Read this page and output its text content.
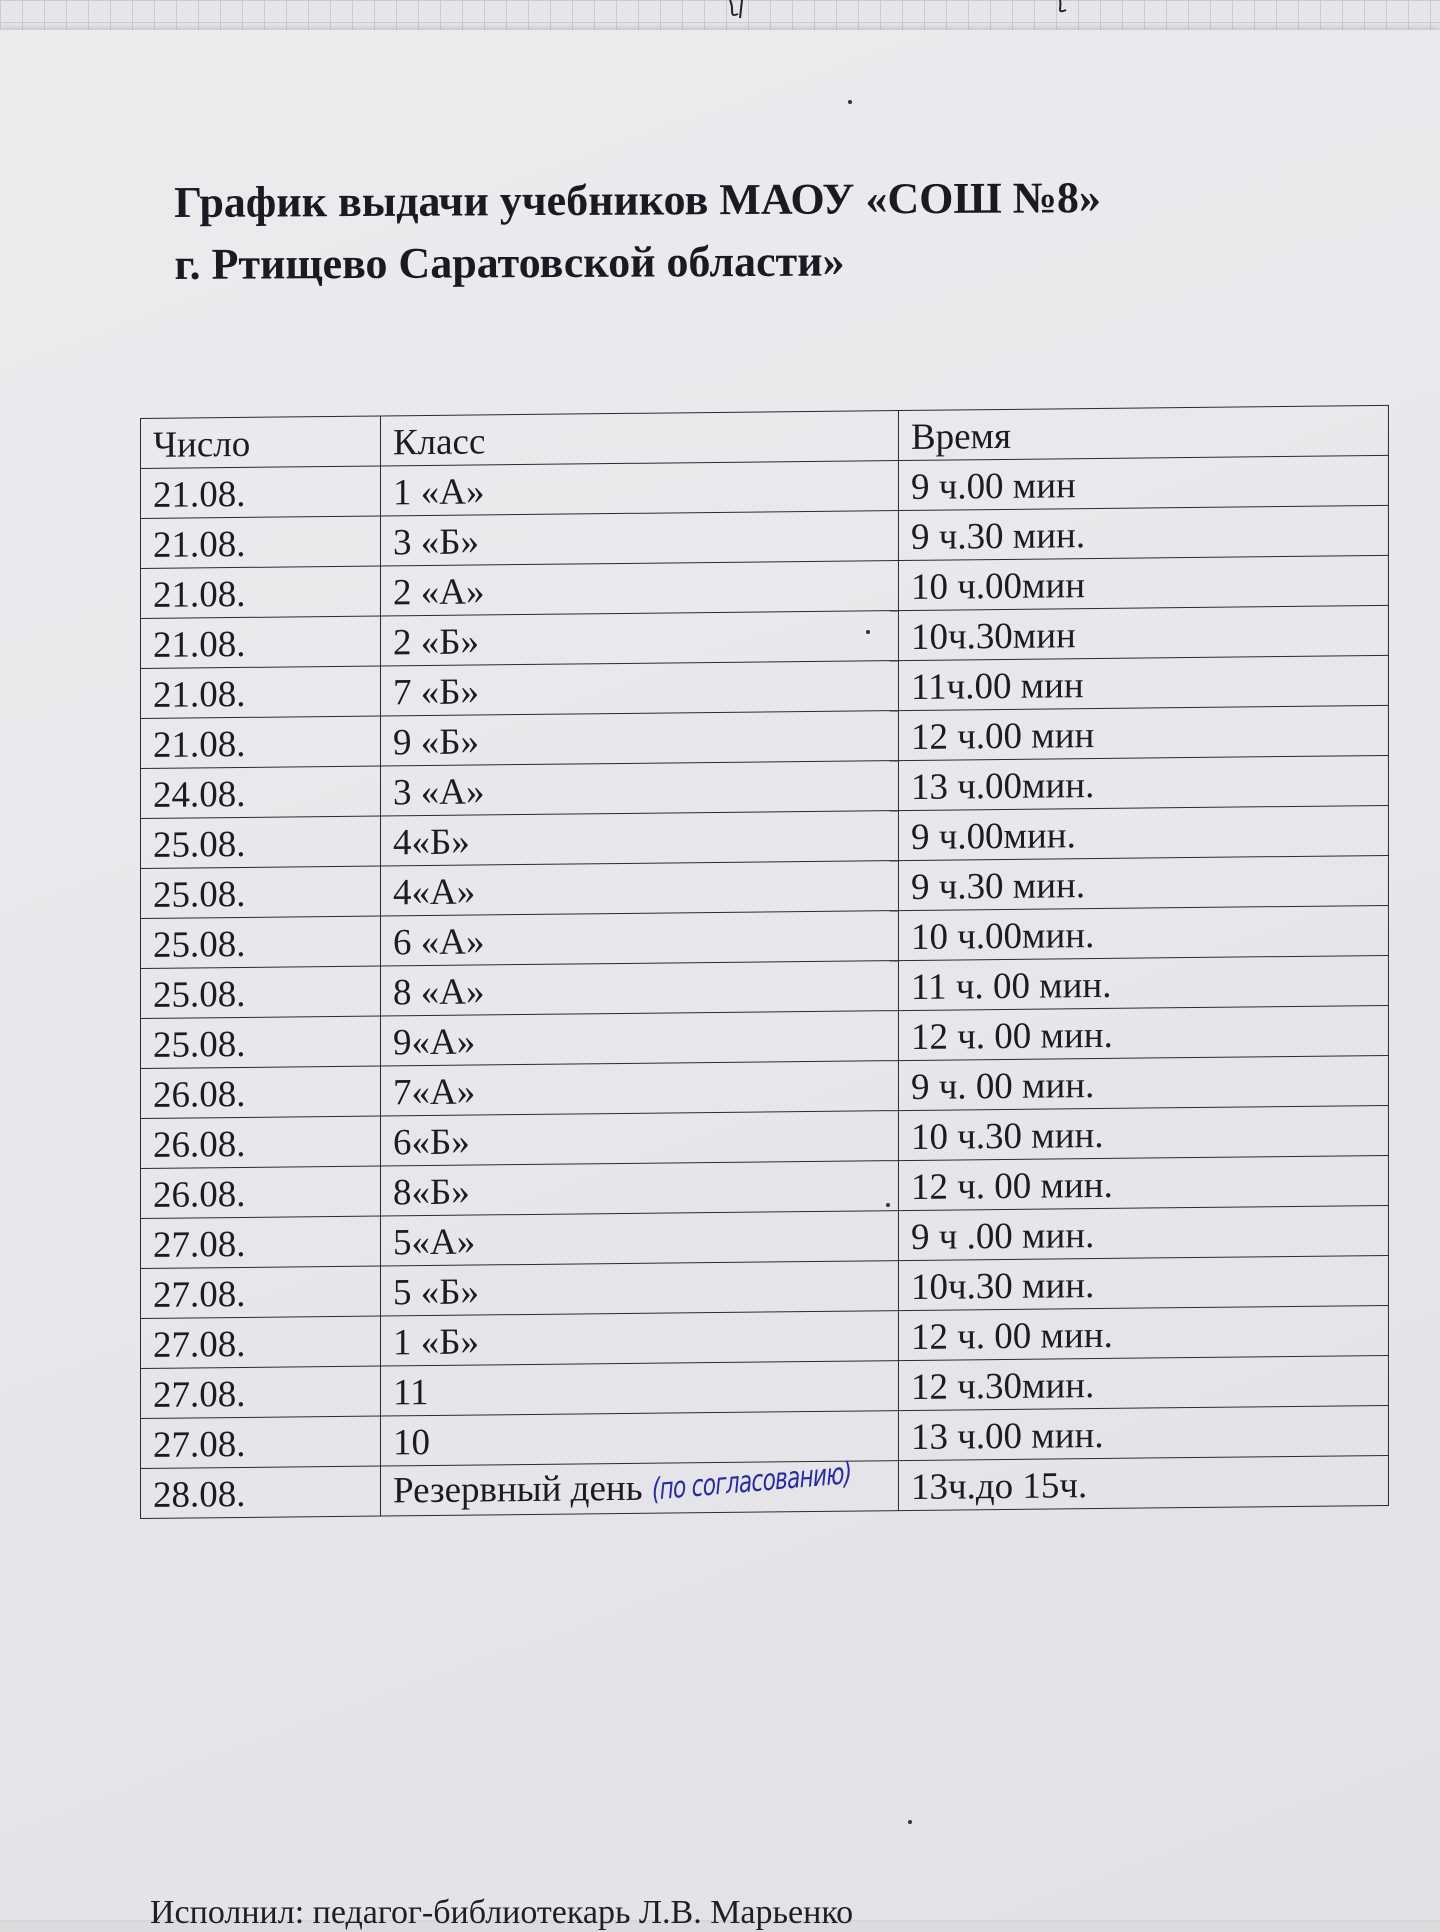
График выдачи учебников МАОУ «СОШ №8»
г. Ртищево Саратовской области»
Число	Класс	Время
21.08.	1 «А»	9 ч.00 мин
21.08.	3 «Б»	9 ч.30 мин.
21.08.	2 «А»	10 ч.00мин
21.08.	2 «Б»	10ч.30мин
21.08.	7 «Б»	11ч.00 мин
21.08.	9 «Б»	12 ч.00 мин
24.08.	3 «А»	13 ч.00мин.
25.08.	4«Б»	9 ч.00мин.
25.08.	4«А»	9 ч.30 мин.
25.08.	6 «А»	10 ч.00мин.
25.08.	8 «А»	11 ч. 00 мин.
25.08.	9«А»	12 ч. 00 мин.
26.08.	7«А»	9 ч. 00 мин.
26.08.	6«Б»	10 ч.30 мин.
26.08.	8«Б»	12 ч. 00 мин.
27.08.	5«А»	9 ч .00 мин.
27.08.	5 «Б»	10ч.30 мин.
27.08.	1 «Б»	12 ч. 00 мин.
27.08.	11	12 ч.30мин.
27.08.	10	13 ч.00 мин.
28.08.	Резервный день (по согласованию)	13ч.до 15ч.
Исполнил: педагог-библиотекарь Л.В. Марьенко
